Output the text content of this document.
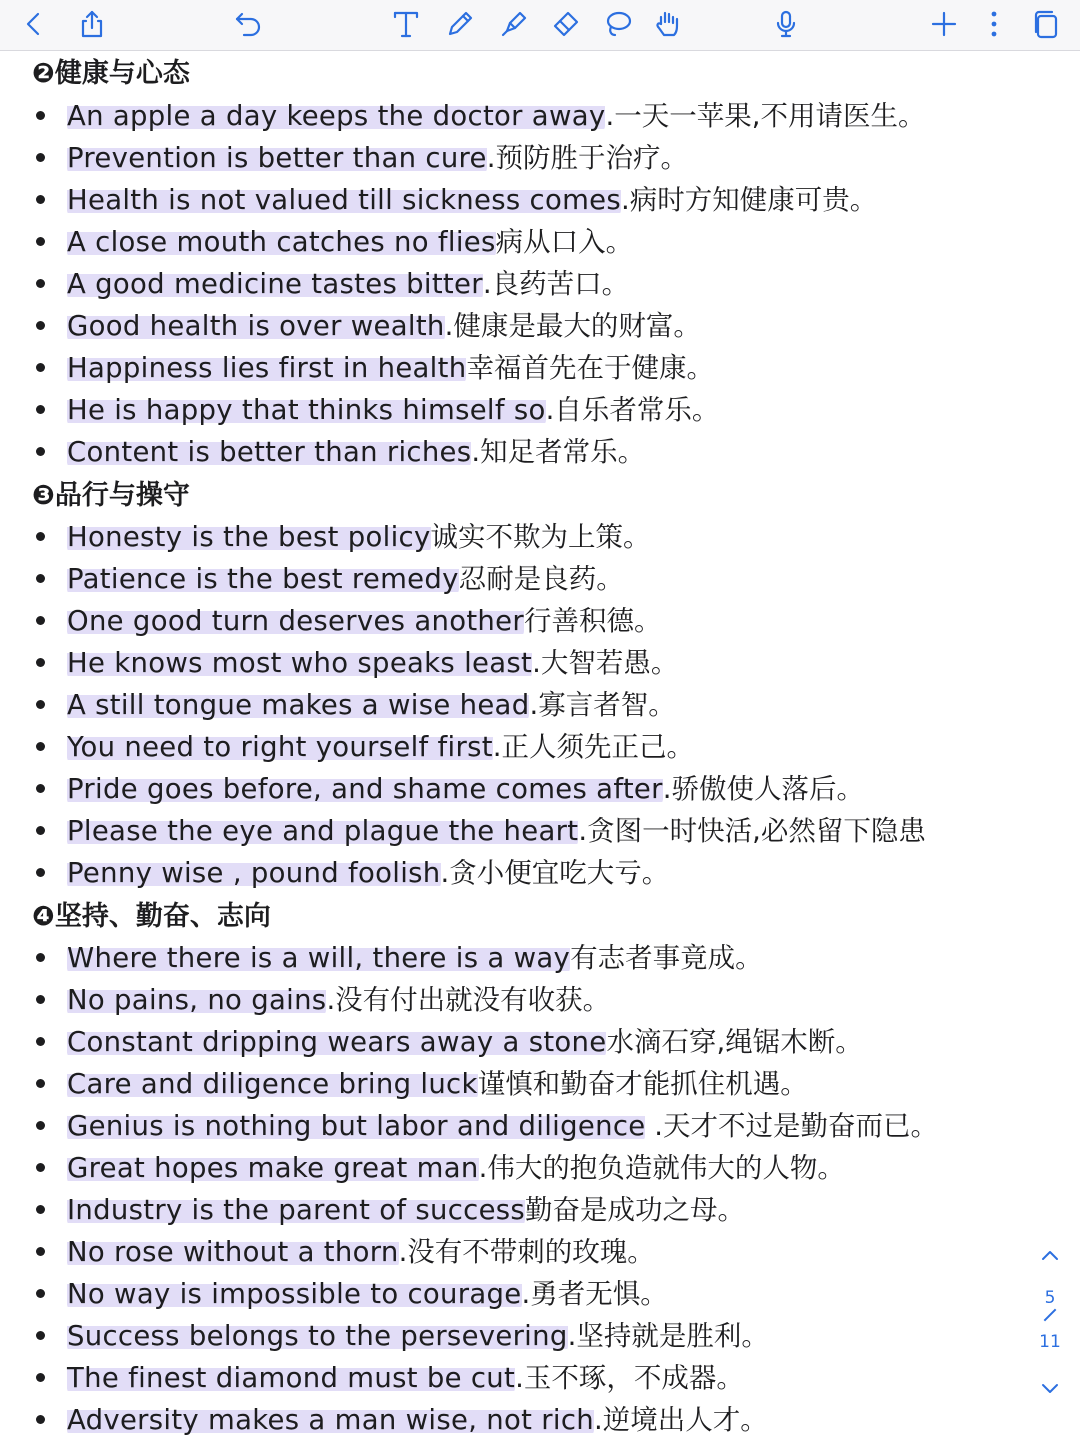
❷健康与心态
An apple a day keeps the doctor away.一天一苹果,不用请医生。
Prevention is better than cure.预防胜于治疗。
Health is not valued till sickness comes.病时方知健康可贵。
A close mouth catches no flies病从口入。
A good medicine tastes bitter.良药苦口。
Good health is over wealth.健康是最大的财富。
Happiness lies first in health幸福首先在于健康。
He is happy that thinks himself so.自乐者常乐。
Content is better than riches.知足者常乐。
❸品行与操守
Honesty is the best policy诚实不欺为上策。
Patience is the best remedy忍耐是良药。
One good turn deserves another行善积德。
He knows most who speaks least.大智若愚。
A still tongue makes a wise head.寡言者智。
You need to right yourself first.正人须先正己。
Pride goes before, and shame comes after.骄傲使人落后。
Please the eye and plague the heart.贪图一时快活,必然留下隐患
Penny wise , pound foolish.贪小便宜吃大亏。
❹坚持、勤奋、志向
Where there is a will, there is a way有志者事竟成。
No pains, no gains.没有付出就没有收获。
Constant dripping wears away a stone水滴石穿,绳锯木断。
Care and diligence bring luck谨慎和勤奋才能抓住机遇。
Genius is nothing but labor and diligence .天才不过是勤奋而已。
Great hopes make great man.伟大的抱负造就伟大的人物。
Industry is the parent of success勤奋是成功之母。
No rose without a thorn.没有不带刺的玫瑰。
No way is impossible to courage.勇者无惧。
Success belongs to the persevering.坚持就是胜利。
The finest diamond must be cut.玉不琢，不成器。
Adversity makes a man wise, not rich.逆境出人才。
5
11
